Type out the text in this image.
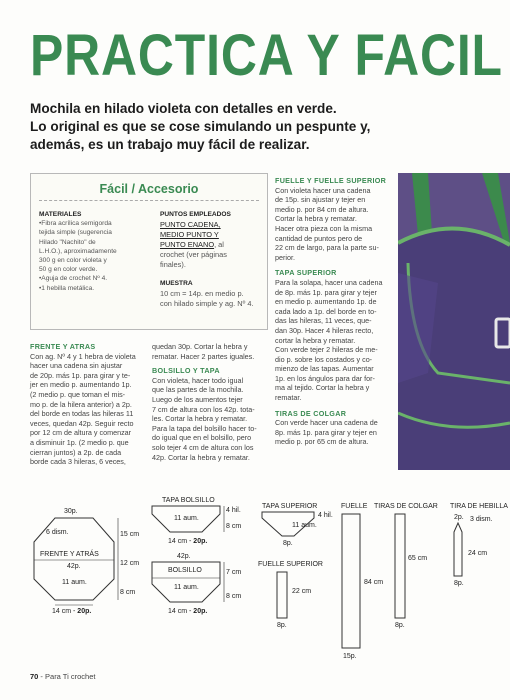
PRACTICA Y FACIL
Mochila en hilado violeta con detalles en verde.
Lo original es que se cose simulando un pespunte y,
además, es un trabajo muy fácil de realizar.
Fácil / Accesorio
MATERIALES
•Fibra acrílica semigorda
tejida simple (sugerencia
Hilado "Nachito" de
L.H.O.), aproximadamente
300 g en color violeta y
50 g en color verde.
•Aguja de crochet Nº 4.
•1 hebilla metálica.
PUNTOS EMPLEADOS
PUNTO CADENA,
MEDIO PUNTO Y
PUNTO ENANO, al
crochet (ver páginas
finales).
MUESTRA
10 cm = 14p. en medio p.
con hilado simple y ag. Nº 4.
FRENTE Y ATRAS
Con ag. Nº 4 y 1 hebra de violeta
hacer una cadena sin ajustar
de 20p. más 1p. para girar y te-
jer en medio p. aumentando 1p.
(2 medio p. que toman el mis-
mo p. de la hilera anterior) a 2p.
del borde en todas las hileras 11
veces, quedan 42p. Seguir recto
por 12 cm de altura y comenzar
a disminuir 1p. (2 medio p. que
cierran juntos) a 2p. de cada
borde cada 3 hileras, 6 veces,
quedan 30p. Cortar la hebra y
rematar. Hacer 2 partes iguales.
BOLSILLO Y TAPA
Con violeta, hacer todo igual
que las partes de la mochila.
Luego de los aumentos tejer
7 cm de altura con los 42p. tota-
les. Cortar la hebra y rematar.
Para la tapa del bolsillo hacer to-
do igual que en el bolsillo, pero
solo tejer 4 cm de altura con los
42p. Cortar la hebra y rematar.
FUELLE Y FUELLE SUPERIOR
Con violeta hacer una cadena
de 15p. sin ajustar y tejer en
medio p. por 84 cm de altura.
Cortar la hebra y rematar.
Hacer otra pieza con la misma
cantidad de puntos pero de
22 cm de largo, para la parte su-
perior.
TAPA SUPERIOR
Para la solapa, hacer una cadena
de 8p. más 1p. para girar y tejer
en medio p. aumentando 1p. de
cada lado a 1p. del borde en to-
das las hileras, 11 veces, que-
dan 30p. Hacer 4 hileras recto,
cortar la hebra y rematar.
Con verde tejer 2 hileras de me-
dio p. sobre los costados y co-
mienzo de las tapas. Aumentar
1p. en los ángulos para dar for-
ma al tejido. Cortar la hebra y
rematar.
TIRAS DE COLGAR
Con verde hacer una cadena de
8p. más 1p. para girar y tejer en
medio p. por 65 cm de altura.
30p.
6 dism.
FRENTE Y ATRÁS
42p.
11 aum.
14 cm - 20p.
15 cm
12 cm
8 cm
TAPA BOLSILLO
11 aum.
14 cm - 20p.
4 hil.
8 cm
42p.
BOLSILLO
11 aum.
14 cm - 20p.
7 cm
8 cm
TAPA SUPERIOR
4 hil.
11 aum.
8p.
FUELLE SUPERIOR
22 cm
8p.
FUELLE
84 cm
15p.
TIRAS DE COLGAR
65 cm
8p.
TIRA DE HEBILLA
2p. 3 dism.
24 cm
8p.
70 - Para Ti crochet
